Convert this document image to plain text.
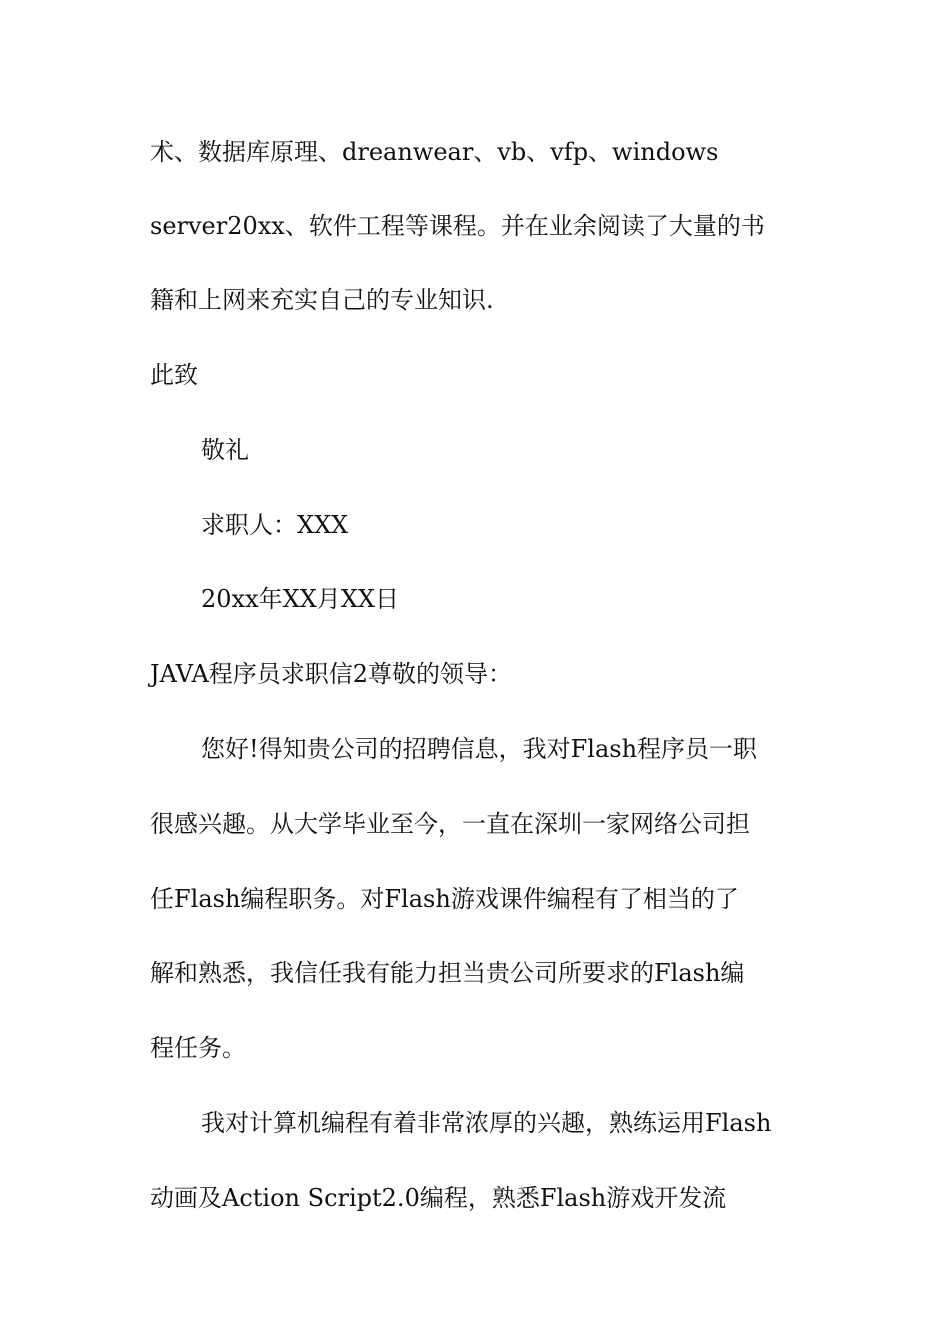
术、数据库原理、dreanwear、vb、vfp、windows
server20xx、软件工程等课程。并在业余阅读了大量的书
籍和上网来充实自己的专业知识.
此致
敬礼
求职人：XXX
20xx年XX月XX日
JAVA程序员求职信2尊敬的领导：
您好!得知贵公司的招聘信息，我对Flash程序员一职
很感兴趣。从大学毕业至今，一直在深圳一家网络公司担
任Flash编程职务。对Flash游戏课件编程有了相当的了
解和熟悉，我信任我有能力担当贵公司所要求的Flash编
程任务。
我对计算机编程有着非常浓厚的兴趣，熟练运用Flash
动画及Action Script2.0编程，熟悉Flash游戏开发流
